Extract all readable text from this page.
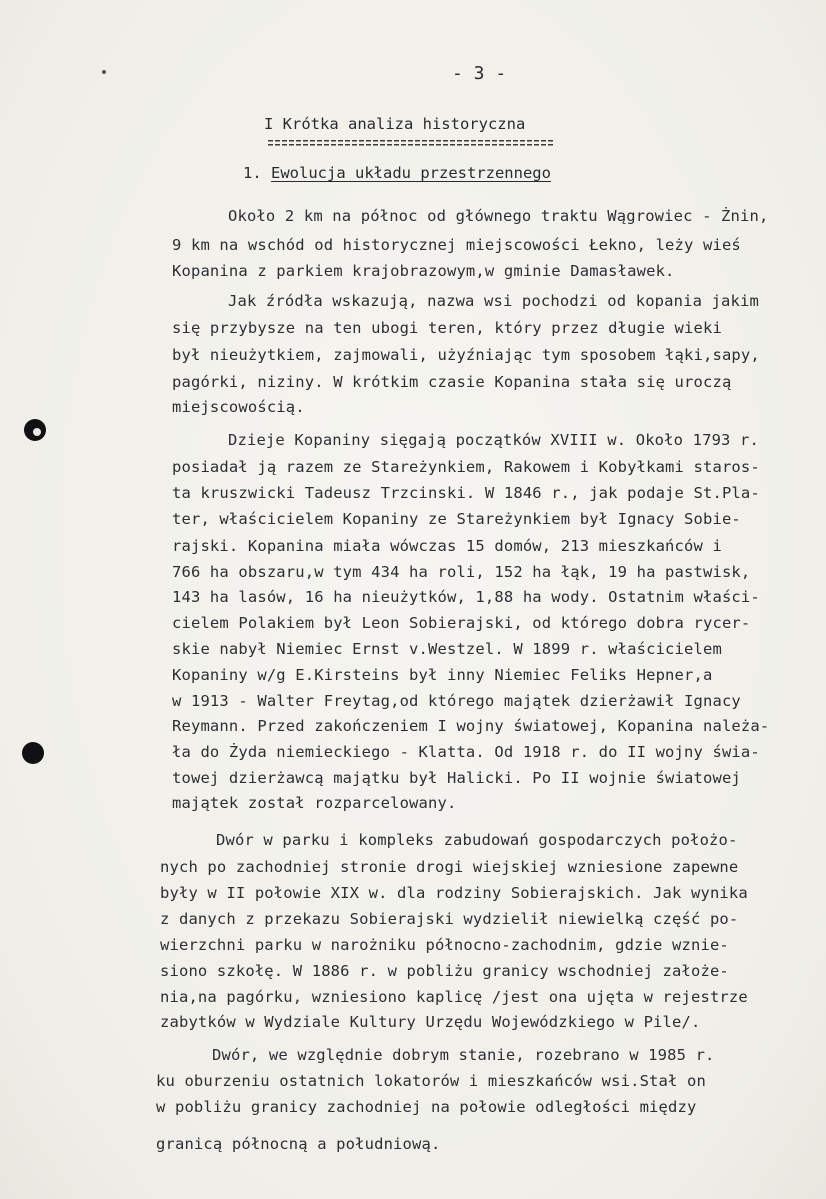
- 3 -
I Krótka analiza historyczna
1. Ewolucja układu przestrzennego
Około 2 km na północ od głównego traktu Wągrowiec - Żnin,
9 km na wschód od historycznej miejscowości Łekno, leży wieś
Kopanina z parkiem krajobrazowym,w gminie Damasławek.
Jak źródła wskazują, nazwa wsi pochodzi od kopania jakim
się przybysze na ten ubogi teren, który przez długie wieki
był nieużytkiem, zajmowali, użyźniając tym sposobem łąki,sapy,
pagórki, niziny. W krótkim czasie Kopanina stała się uroczą
miejscowością.
Dzieje Kopaniny sięgają początków XVIII w. Około 1793 r.
posiadał ją razem ze Stareżynkiem, Rakowem i Kobyłkami staros-
ta kruszwicki Tadeusz Trzcinski. W 1846 r., jak podaje St.Pla-
ter, właścicielem Kopaniny ze Stareżynkiem był Ignacy Sobie-
rajski. Kopanina miała wówczas 15 domów, 213 mieszkańców i
766 ha obszaru,w tym 434 ha roli, 152 ha łąk, 19 ha pastwisk,
143 ha lasów, 16 ha nieużytków, 1,88 ha wody. Ostatnim właści-
cielem Polakiem był Leon Sobierajski, od którego dobra rycer-
skie nabył Niemiec Ernst v.Westzel. W 1899 r. właścicielem
Kopaniny w/g E.Kirsteins był inny Niemiec Feliks Hepner,a
w 1913 - Walter Freytag,od którego majątek dzierżawił Ignacy
Reymann. Przed zakończeniem I wojny światowej, Kopanina należa-
ła do Żyda niemieckiego - Klatta. Od 1918 r. do II wojny świa-
towej dzierżawcą majątku był Halicki. Po II wojnie światowej
majątek został rozparcelowany.
Dwór w parku i kompleks zabudowań gospodarczych położo-
nych po zachodniej stronie drogi wiejskiej wzniesione zapewne
były w II połowie XIX w. dla rodziny Sobierajskich. Jak wynika
z danych z przekazu Sobierajski wydzielił niewielką część po-
wierzchni parku w narożniku północno-zachodnim, gdzie wznie-
siono szkołę. W 1886 r. w pobliżu granicy wschodniej założe-
nia,na pagórku, wzniesiono kaplicę /jest ona ujęta w rejestrze
zabytków w Wydziale Kultury Urzędu Wojewódzkiego w Pile/.
Dwór, we względnie dobrym stanie, rozebrano w 1985 r.
ku oburzeniu ostatnich lokatorów i mieszkańców wsi.Stał on
w pobliżu granicy zachodniej na połowie odległości między
granicą północną a południową.
